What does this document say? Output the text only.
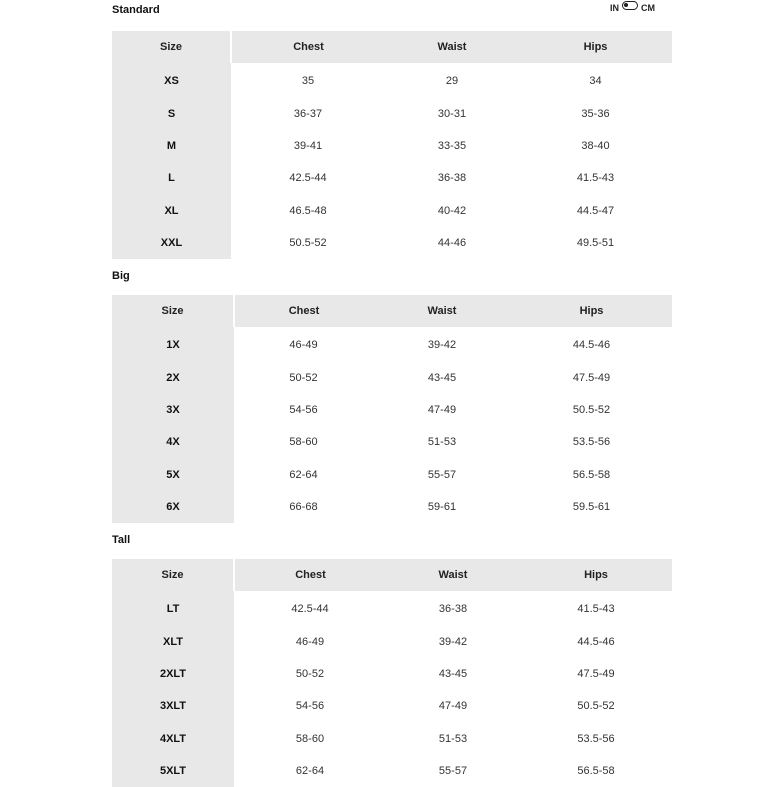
IN CM
Standard
Size	Chest	Waist	Hips
XS	35	29	34
S	36-37	30-31	35-36
M	39-41	33-35	38-40
L	42.5-44	36-38	41.5-43
XL	46.5-48	40-42	44.5-47
XXL	50.5-52	44-46	49.5-51
Big
Size	Chest	Waist	Hips
1X	46-49	39-42	44.5-46
2X	50-52	43-45	47.5-49
3X	54-56	47-49	50.5-52
4X	58-60	51-53	53.5-56
5X	62-64	55-57	56.5-58
6X	66-68	59-61	59.5-61
Tall
Size	Chest	Waist	Hips
LT	42.5-44	36-38	41.5-43
XLT	46-49	39-42	44.5-46
2XLT	50-52	43-45	47.5-49
3XLT	54-56	47-49	50.5-52
4XLT	58-60	51-53	53.5-56
5XLT	62-64	55-57	56.5-58
